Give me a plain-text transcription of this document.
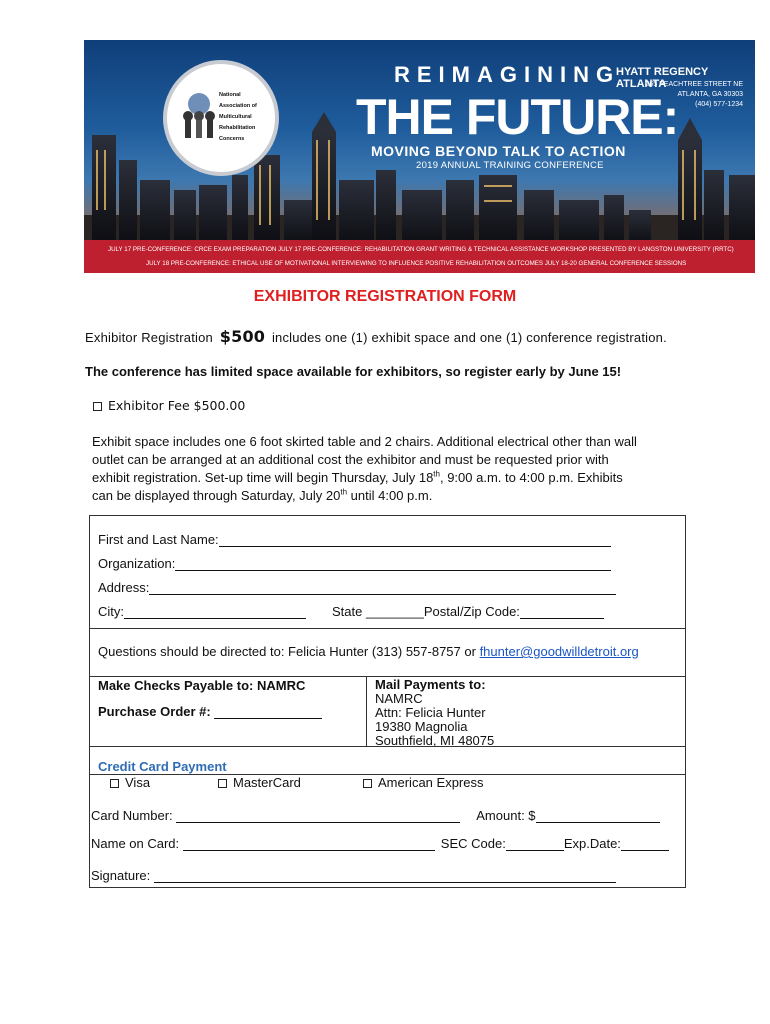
National
Association of
Multicultural
Rehabilitation
Concerns
REIMAGINING
THE FUTURE:
MOVING BEYOND TALK TO ACTION
2019 ANNUAL TRAINING CONFERENCE
HYATT REGENCY ATLANTA
265 PEACHTREE STREET NE
ATLANTA, GA 30303
(404) 577-1234
JULY 17 PRE-CONFERENCE: CRCE EXAM PREPARATION JULY 17 PRE-CONFERENCE: REHABILITATION GRANT WRITING & TECHNICAL ASSISTANCE WORKSHOP PRESENTED BY LANGSTON UNIVERSITY (RRTC)
JULY 18 PRE-CONFERENCE: ETHICAL USE OF MOTIVATIONAL INTERVIEWING TO INFLUENCE POSITIVE REHABILITATION OUTCOMES JULY 18-20 GENERAL CONFERENCE SESSIONS
EXHIBITOR REGISTRATION FORM
Exhibitor Registration $500 includes one (1) exhibit space and one (1) conference registration.
The conference has limited space available for exhibitors, so register early by June 15!
Exhibitor Fee $500.00
Exhibit space includes one 6 foot skirted table and 2 chairs. Additional electrical other than wall
outlet can be arranged at an additional cost the exhibitor and must be requested prior with
exhibit registration. Set-up time will begin Thursday, July 18th, 9:00 a.m. to 4:00 p.m. Exhibits
can be displayed through Saturday, July 20th until 4:00 p.m.
First and Last Name:
Organization:
Address:
City:	State ________Postal/Zip Code:
Questions should be directed to: Felicia Hunter (313) 557-8757 or fhunter@goodwilldetroit.org
Make Checks Payable to: NAMRC
Purchase Order #:
Mail Payments to:
NAMRC
Attn: Felicia Hunter
19380 Magnolia
Southfield, MI 48075
Credit Card Payment
Visa	MasterCard	American Express
Card Number:	Amount: $
Name on Card:	SEC Code:	Exp.Date:
Signature:
